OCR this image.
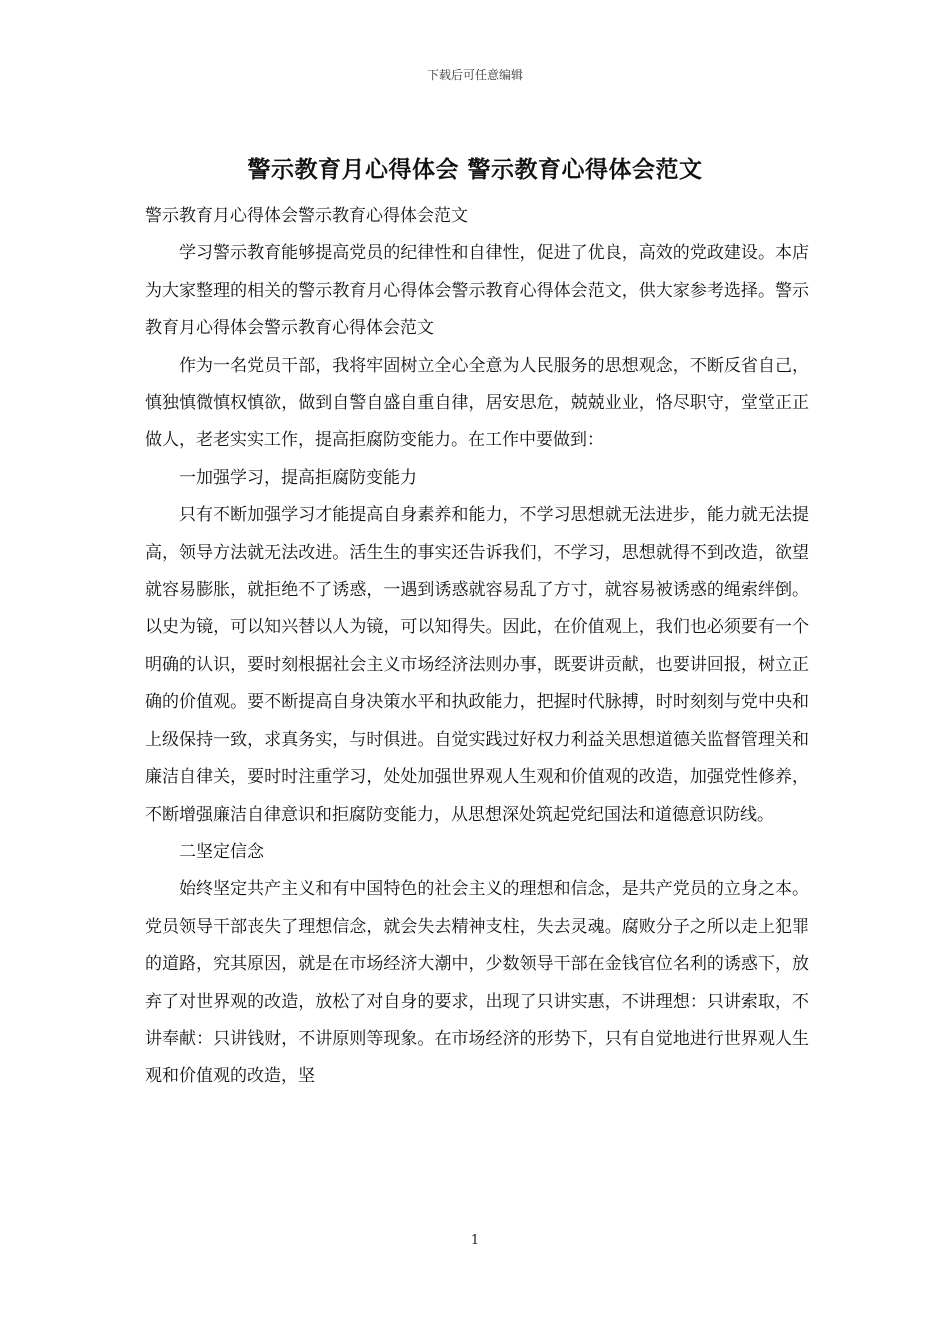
下载后可任意编辑
警示教育月心得体会 警示教育心得体会范文

警示教育月心得体会警示教育心得体会范文

学习警示教育能够提高党员的纪律性和自律性，促进了优良，高效的党政建设。本店为大家整理的相关的警示教育月心得体会警示教育心得体会范文，供大家参考选择。警示教育月心得体会警示教育心得体会范文

作为一名党员干部，我将牢固树立全心全意为人民服务的思想观念，不断反省自己，慎独慎微慎权慎欲，做到自警自盛自重自律，居安思危，兢兢业业，恪尽职守，堂堂正正做人，老老实实工作，提高拒腐防变能力。在工作中要做到：

一加强学习，提高拒腐防变能力

只有不断加强学习才能提高自身素养和能力，不学习思想就无法进步，能力就无法提高，领导方法就无法改进。活生生的事实还告诉我们，不学习，思想就得不到改造，欲望就容易膨胀，就拒绝不了诱惑，一遇到诱惑就容易乱了方寸，就容易被诱惑的绳索绊倒。以史为镜，可以知兴替以人为镜，可以知得失。因此，在价值观上，我们也必须要有一个明确的认识，要时刻根据社会主义市场经济法则办事，既要讲贡献，也要讲回报，树立正确的价值观。要不断提高自身决策水平和执政能力，把握时代脉搏，时时刻刻与党中央和上级保持一致，求真务实，与时俱进。自觉实践过好权力利益关思想道德关监督管理关和廉洁自律关，要时时注重学习，处处加强世界观人生观和价值观的改造，加强党性修养，不断增强廉洁自律意识和拒腐防变能力，从思想深处筑起党纪国法和道德意识防线。

二坚定信念

始终坚定共产主义和有中国特色的社会主义的理想和信念，是共产党员的立身之本。党员领导干部丧失了理想信念，就会失去精神支柱，失去灵魂。腐败分子之所以走上犯罪的道路，究其原因，就是在市场经济大潮中，少数领导干部在金钱官位名利的诱惑下，放弃了对世界观的改造，放松了对自身的要求，出现了只讲实惠，不讲理想：只讲索取，不讲奉献：只讲钱财，不讲原则等现象。在市场经济的形势下，只有自觉地进行世界观人生观和价值观的改造，坚

1
